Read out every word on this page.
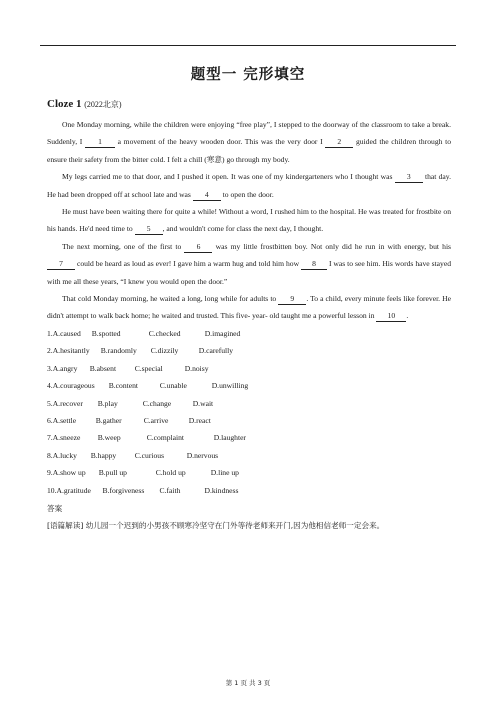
题型一 完形填空
Cloze 1 (2022北京)

One Monday morning, while the children were enjoying “free play”, I stepped to the doorway of the classroom to take a break. Suddenly, I 1 a movement of the heavy wooden door. This was the very door I 2 guided the children through to ensure their safety from the bitter cold. I felt a chill (寒意) go through my body.

My legs carried me to that door, and I pushed it open. It was one of my kindergarteners who I thought was 3 that day. He had been dropped off at school late and was 4 to open the door.

He must have been waiting there for quite a while! Without a word, I rushed him to the hospital. He was treated for frostbite on his hands. He'd need time to 5 , and wouldn't come for class the next day, I thought.

The next morning, one of the first to 6 was my little frostbitten boy. Not only did he run in with energy, but his 7 could be heard as loud as ever! I gave him a warm hug and told him how 8 I was to see him. His words have stayed with me all these years, “I knew you would open the door.”

That cold Monday morning, he waited a long, long while for adults to 9 . To a child, every minute feels like forever. He didn't attempt to walk back home; he waited and trusted. This five- year- old taught me a powerful lesson in 10 .

1. A.caused	B.spotted	C.checked	D.imagined
2. A.hesitantly	B.randomly	C.dizzily	D.carefully
3. A.angry	B.absent	C.special	D.noisy
4. A.courageous	B.content	C.unable	D.unwilling
5. A.recover	B.play	C.change	D.wait
6. A.settle	B.gather	C.arrive	D.react
7. A.sneeze	B.weep	C.complaint	D.laughter
8. A.lucky	B.happy	C.curious	D.nervous
9. A.show up	B.pull up	C.hold up	D.line up
10. A.gratitude	B.forgiveness	C.faith	D.kindness
答案
[语篇解读] 幼儿园一个迟到的小男孩不顾寒冷坚守在门外等待老师来开门,因为他相信老师一定会来。
第 1 页 共 3 页
